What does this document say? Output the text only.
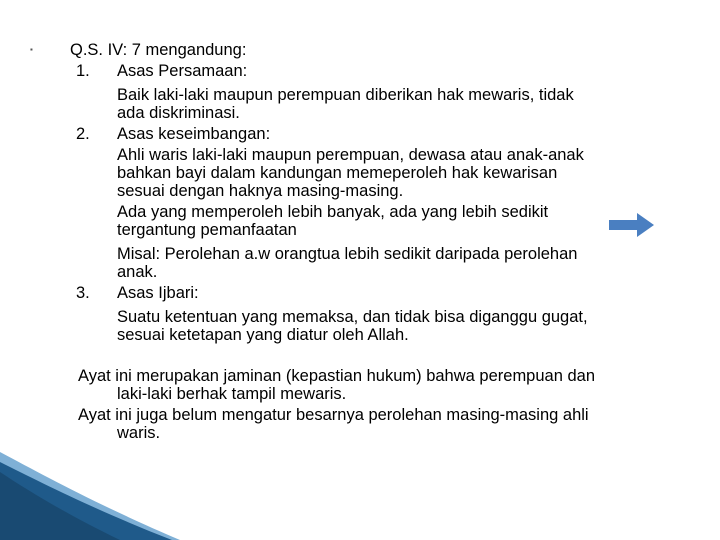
▪ Q.S. IV: 7 mengandung:
1. Asas Persamaan:
Baik laki-laki maupun perempuan diberikan hak mewaris, tidak
ada diskriminasi.
2. Asas keseimbangan:
Ahli waris laki-laki maupun perempuan, dewasa atau anak-anak
bahkan bayi dalam kandungan memeperoleh hak kewarisan
sesuai dengan haknya masing-masing.
Ada yang memperoleh lebih banyak, ada yang lebih sedikit
tergantung pemanfaatan
Misal: Perolehan a.w orangtua lebih sedikit daripada perolehan
anak.
3. Asas Ijbari:
Suatu ketentuan yang memaksa, dan tidak bisa diganggu gugat,
sesuai ketetapan yang diatur oleh Allah.
Ayat ini merupakan jaminan (kepastian hukum) bahwa perempuan dan
laki-laki berhak tampil mewaris.
Ayat ini juga belum mengatur besarnya perolehan masing-masing ahli
waris.
